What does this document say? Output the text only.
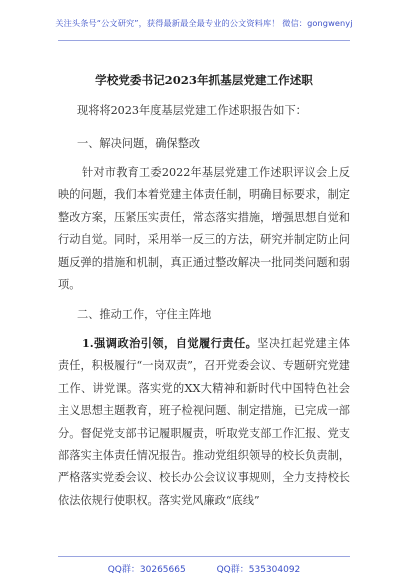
关注头条号“公文研究”，获得最新最全最专业的公文资料库！ 微信：gongwenyj
学校党委书记2023年抓基层党建工作述职
现将将2023年度基层党建工作述职报告如下：
一、解决问题，确保整改
针对市教育工委2022年基层党建工作述职评议会上反映的问题，我们本着党建主体责任制，明确目标要求，制定整改方案，压紧压实责任，常态落实措施，增强思想自觉和行动自觉。同时，采用举一反三的方法，研究并制定防止问题反弹的措施和机制，真正通过整改解决一批同类问题和弱项。
二、推动工作，守住主阵地
1.强调政治引领，自觉履行责任。坚决扛起党建主体责任，积极履行“一岗双责”，召开党委会议、专题研究党建工作、讲党课。落实党的XX大精神和新时代中国特色社会主义思想主题教育，班子检视问题、制定措施，已完成一部分。督促党支部书记履职履责，听取党支部工作汇报、党支部落实主体责任情况报告。推动党组织领导的校长负责制，严格落实党委会议、校长办公会议议事规则，全力支持校长依法依规行使职权。落实党风廉政“底线”
QQ群：30265665	QQ群：535304092
